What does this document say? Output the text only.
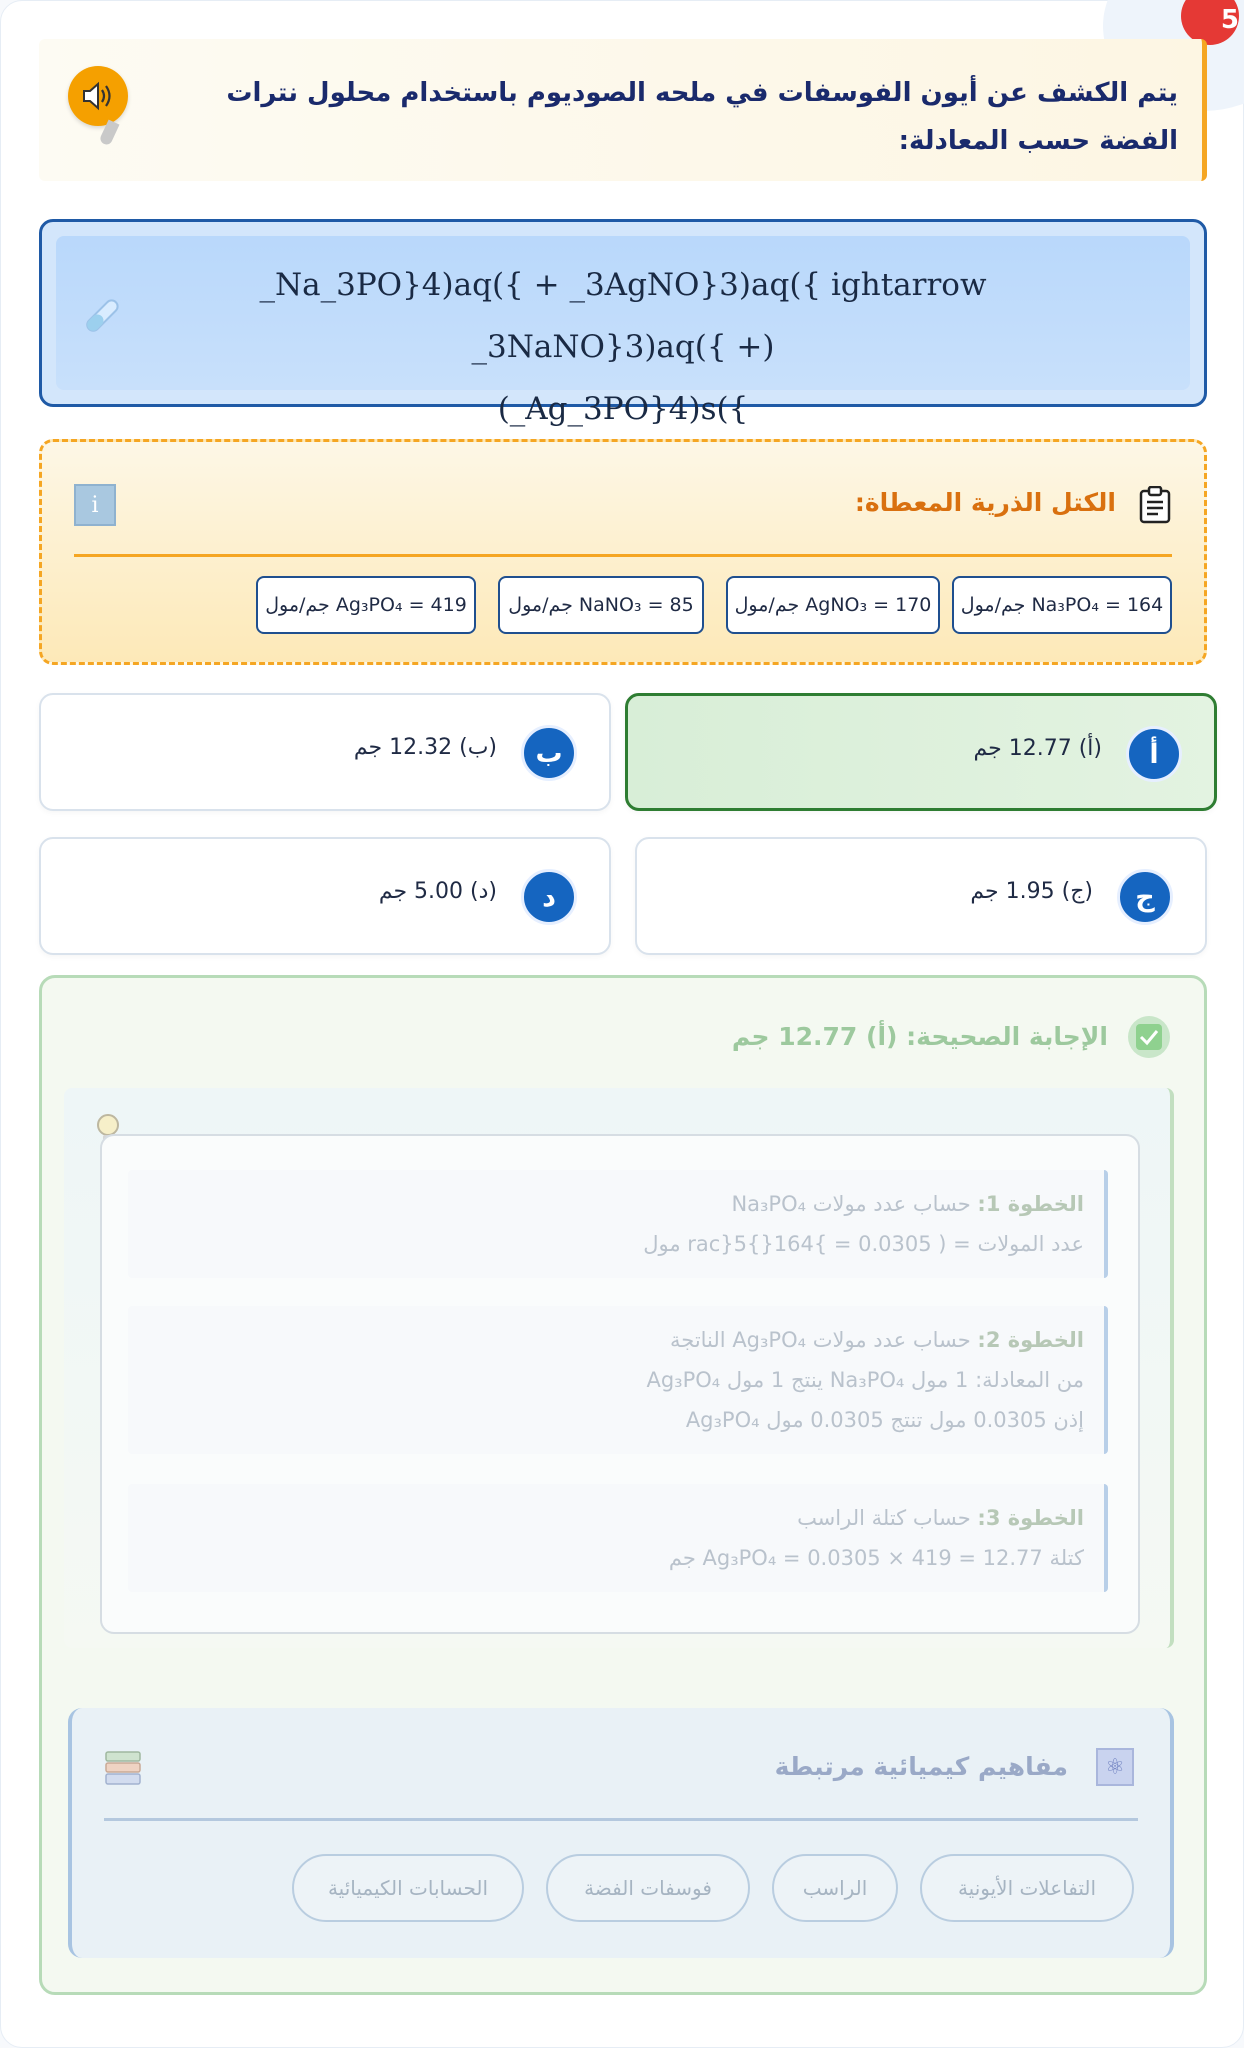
5
يتم الكشف عن أيون الفوسفات في ملحه الصوديوم باستخدام محلول نترات الفضة حسب المعادلة:
_Na_3PO}4)aq({ + _3AgNO}3)aq({ ightarrow _3NaNO}3)aq({ +)
(_Ag_3PO}4)s({
الكتل الذرية المعطاة:
i
Na₃PO₄ = 164 جم/مول
AgNO₃ = 170 جم/مول
NaNO₃ = 85 جم/مول
Ag₃PO₄ = 419 جم/مول
أ
(أ) 12.77 جم
ب
(ب) 12.32 جم
ج
(ج) 1.95 جم
د
(د) 5.00 جم
الإجابة الصحيحة: (أ) 12.77 جم
الخطوة 1: حساب عدد مولات Na₃PO₄
عدد المولات = ( rac}5{}164{ = 0.0305 مول
الخطوة 2: حساب عدد مولات Ag₃PO₄ الناتجة
من المعادلة: 1 مول Na₃PO₄ ينتج 1 مول Ag₃PO₄
إذن 0.0305 مول تنتج 0.0305 مول Ag₃PO₄
الخطوة 3: حساب كتلة الراسب
كتلة Ag₃PO₄ = 0.0305 × 419 = 12.77 جم
⚛
مفاهيم كيميائية مرتبطة
التفاعلات الأيونية
الراسب
فوسفات الفضة
الحسابات الكيميائية
